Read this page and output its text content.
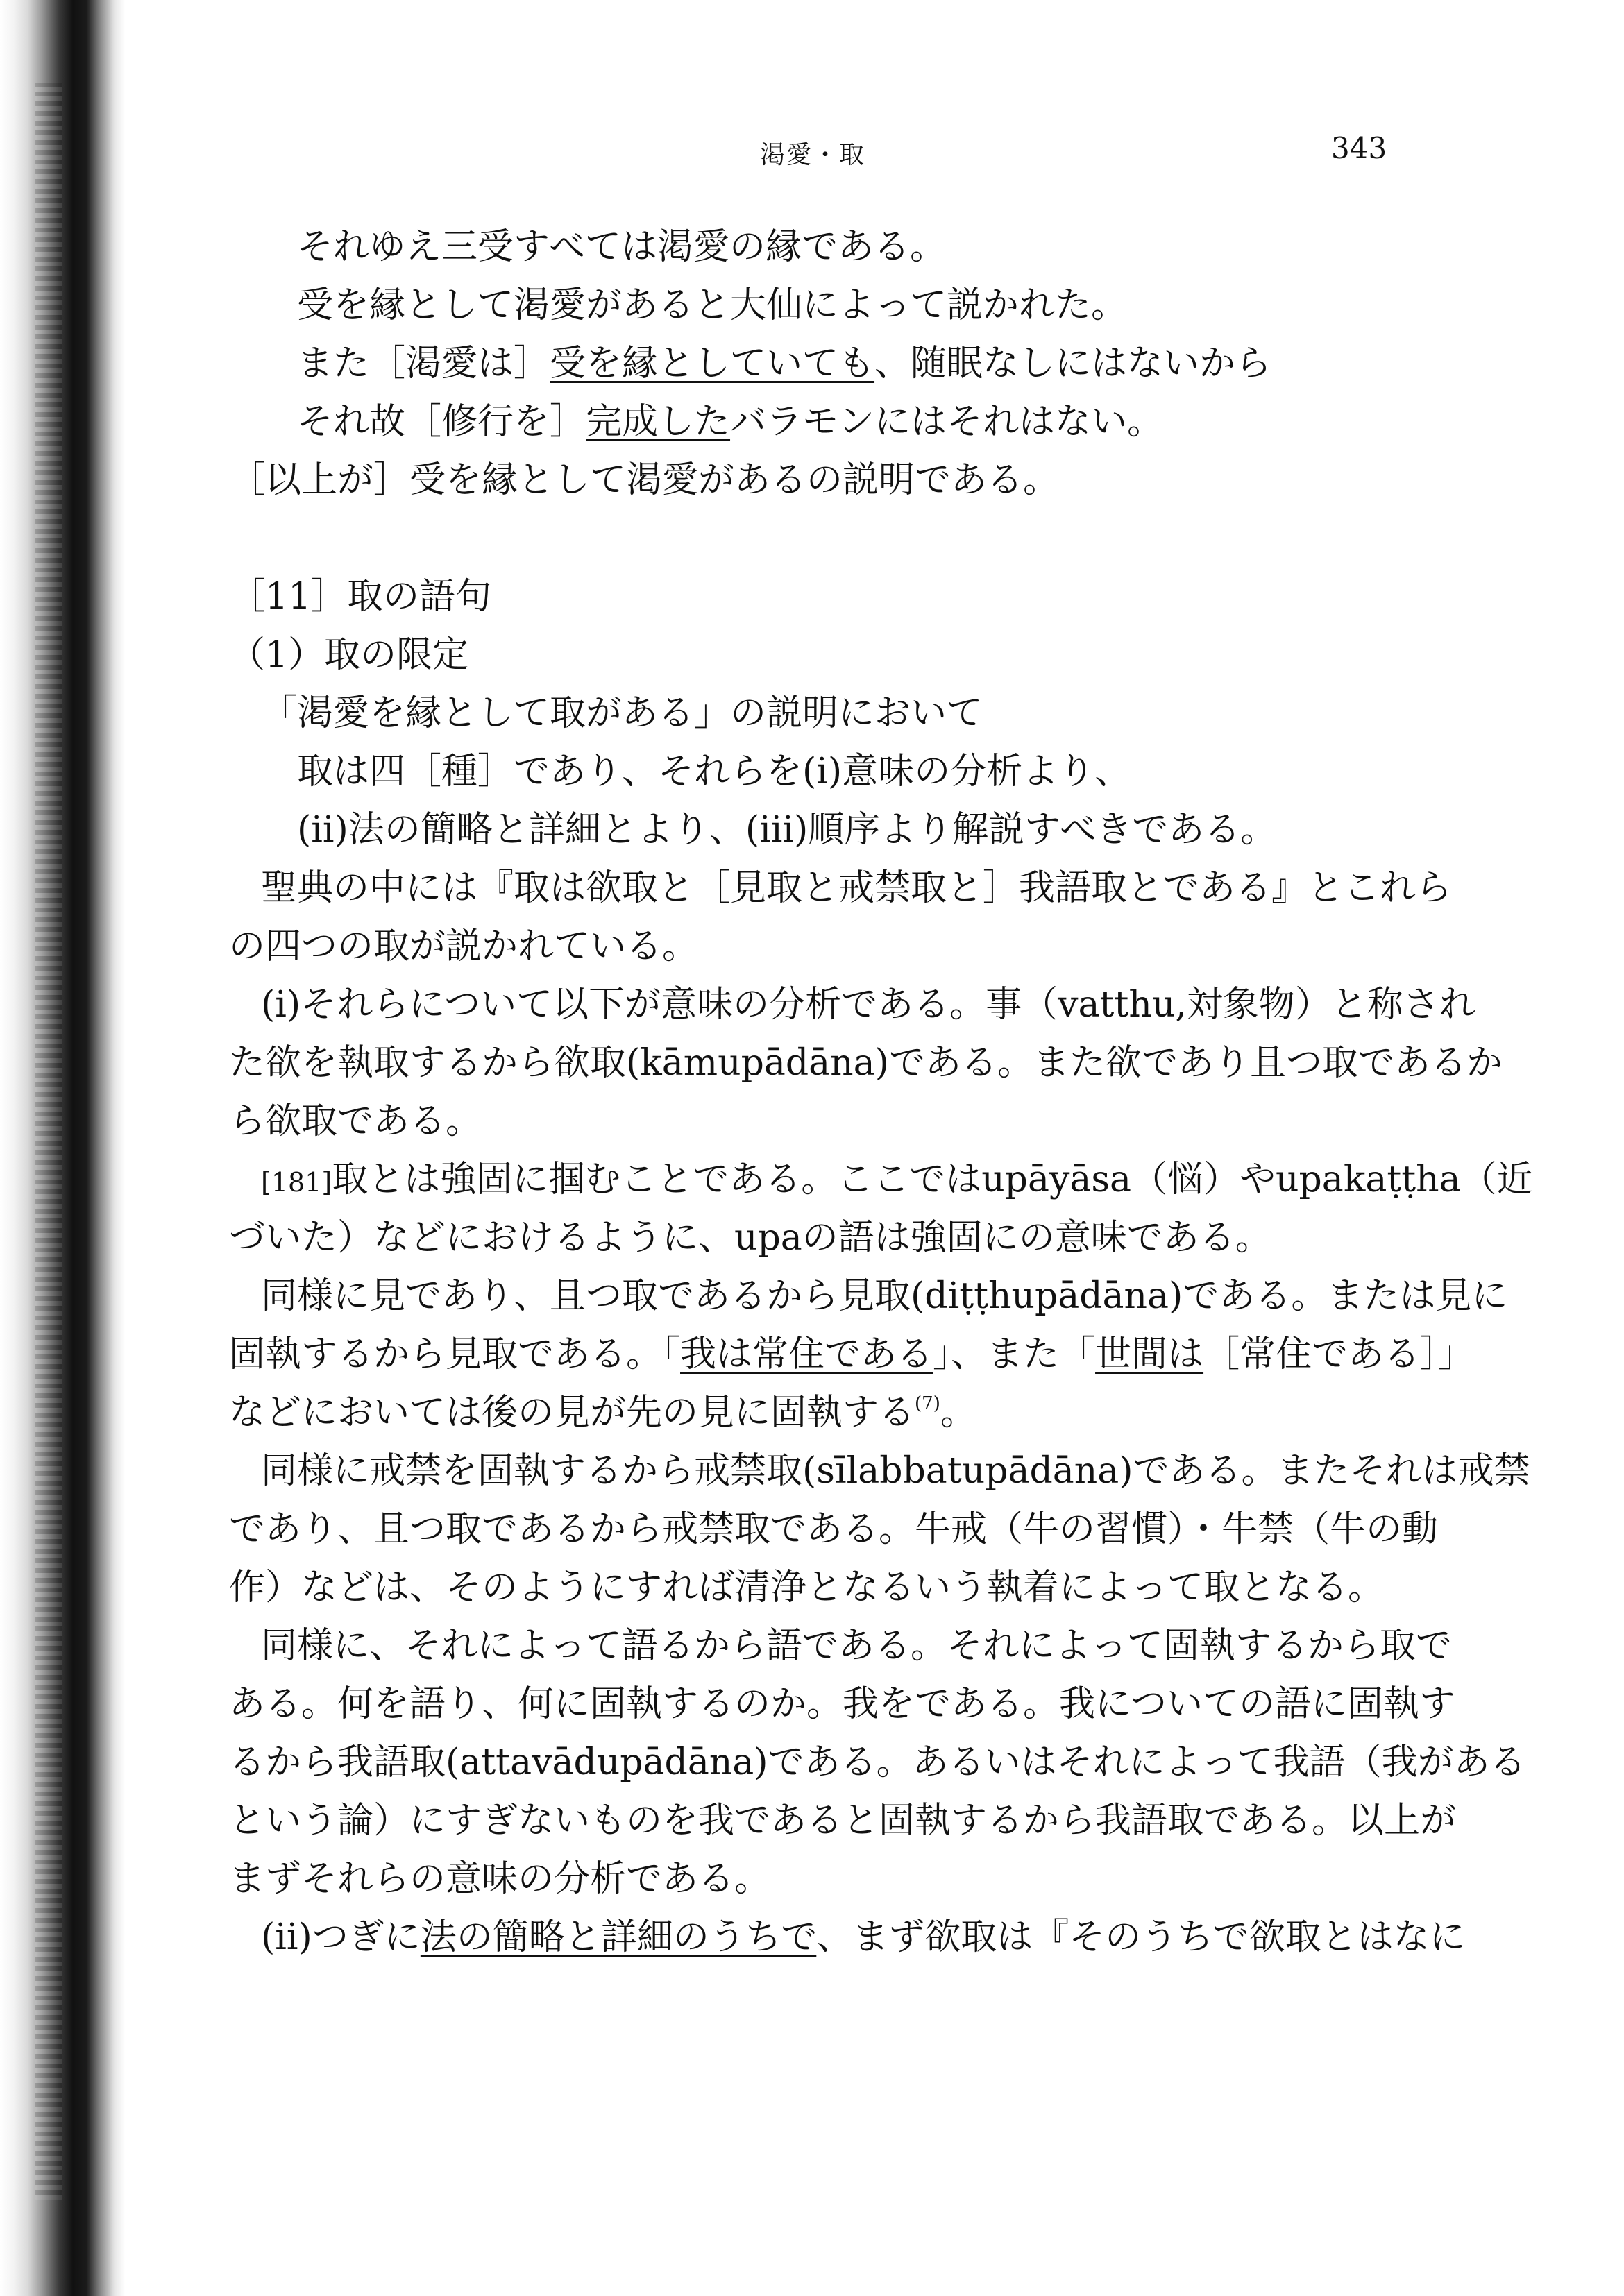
渇愛・取	343
それゆえ三受すべては渇愛の縁である。
受を縁として渇愛があると大仙によって説かれた。
また［渇愛は］受を縁としていても、随眠なしにはないから
それ故［修行を］完成したバラモンにはそれはない。
［以上が］受を縁として渇愛があるの説明である。
［11］取の語句
（1）取の限定
「渇愛を縁として取がある」の説明において
取は四［種］であり、それらを(i)意味の分析より、
(ii)法の簡略と詳細とより、(iii)順序より解説すべきである。
聖典の中には『取は欲取と［見取と戒禁取と］我語取とである』とこれら
の四つの取が説かれている。
(i)それらについて以下が意味の分析である。事（vatthu,対象物）と称され
た欲を執取するから欲取(kāmupādāna)である。また欲であり且つ取であるか
ら欲取である。
[181]取とは強固に掴むことである。ここではupāyāsa（悩）やupakaṭṭha（近
づいた）などにおけるように、upaの語は強固にの意味である。
同様に見であり、且つ取であるから見取(diṭṭhupādāna)である。または見に
固執するから見取である。「我は常住である」、また「世間は［常住である］」
などにおいては後の見が先の見に固執する$^{(7)}$。
同様に戒禁を固執するから戒禁取(sīlabbatupādāna)である。またそれは戒禁
であり、且つ取であるから戒禁取である。牛戒（牛の習慣）・牛禁（牛の動
作）などは、そのようにすれば清浄となるいう執着によって取となる。
同様に、それによって語るから語である。それによって固執するから取で
ある。何を語り、何に固執するのか。我をである。我についての語に固執す
るから我語取(attavādupādāna)である。あるいはそれによって我語（我がある
という論）にすぎないものを我であると固執するから我語取である。以上が
まずそれらの意味の分析である。
(ii)つぎに法の簡略と詳細のうちで、まず欲取は『そのうちで欲取とはなに
